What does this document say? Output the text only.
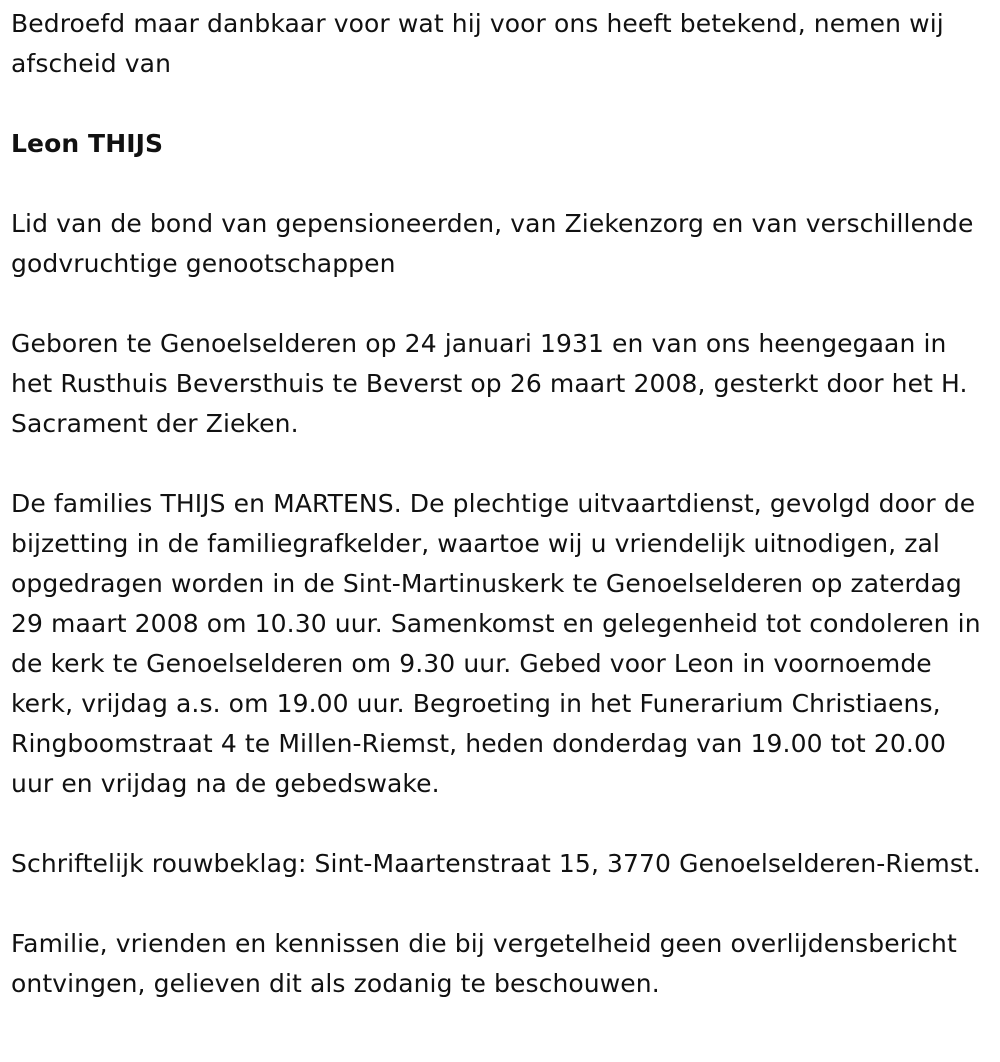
Bedroefd maar danbkaar voor wat hij voor ons heeft betekend, nemen wij afscheid van

Leon THIJS

Lid van de bond van gepensioneerden, van Ziekenzorg en van verschillende godvruchtige genootschappen

Geboren te Genoelselderen op 24 januari 1931 en van ons heengegaan in het Rusthuis Beversthuis te Beverst op 26 maart 2008, gesterkt door het H. Sacrament der Zieken.

De families THIJS en MARTENS. De plechtige uitvaartdienst, gevolgd door de bijzetting in de familiegrafkelder, waartoe wij u vriendelijk uitnodigen, zal opgedragen worden in de Sint-Martinuskerk te Genoelselderen op zaterdag 29 maart 2008 om 10.30 uur. Samenkomst en gelegenheid tot condoleren in de kerk te Genoelselderen om 9.30 uur. Gebed voor Leon in voornoemde kerk, vrijdag a.s. om 19.00 uur. Begroeting in het Funerarium Christiaens, Ringboomstraat 4 te Millen-Riemst, heden donderdag van 19.00 tot 20.00 uur en vrijdag na de gebedswake.

Schriftelijk rouwbeklag: Sint-Maartenstraat 15, 3770 Genoelselderen-Riemst.

Familie, vrienden en kennissen die bij vergetelheid geen overlijdensbericht ontvingen, gelieven dit als zodanig te beschouwen.
